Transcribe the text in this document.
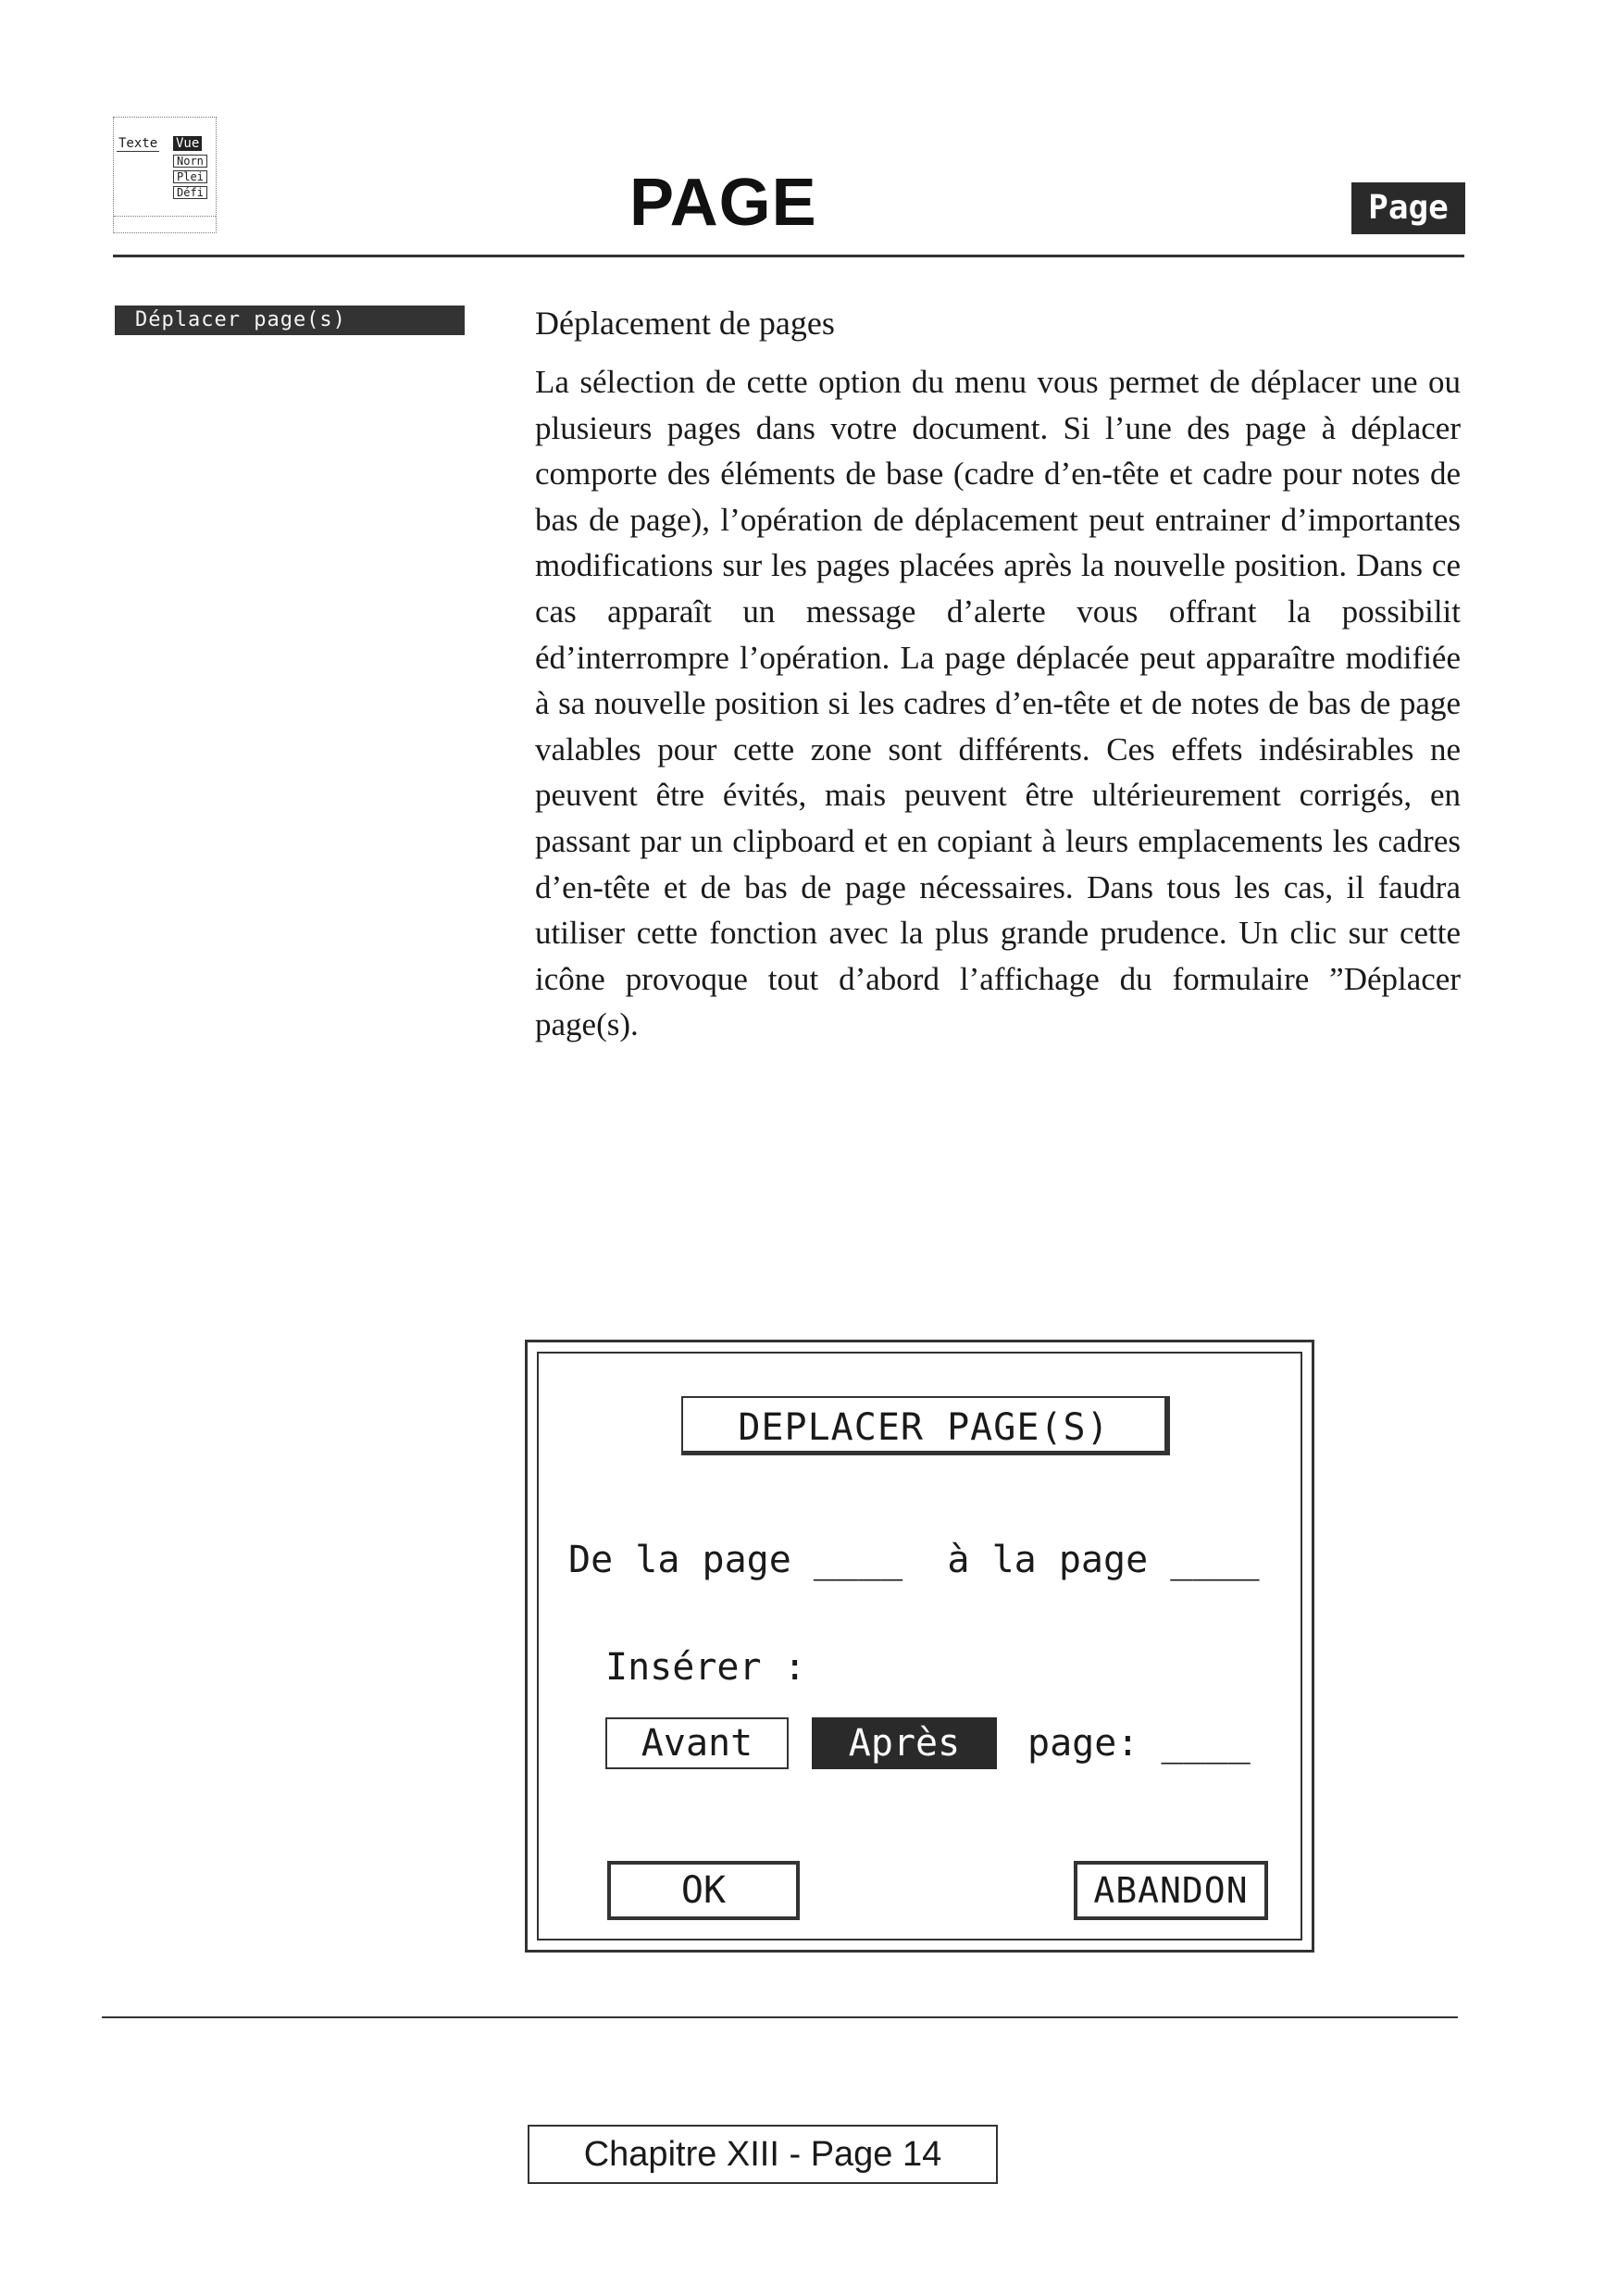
Texte Vue
Norn
Plei
Défi	PAGE	Page
Déplacer page(s)	Déplacement de pages

La sélection de cette option du menu vous permet de déplacer une ou plusieurs pages dans votre document. Si l’une des page à déplacer comporte des éléments de base (cadre d’en-tête et cadre pour notes de bas de page), l’opération de déplacement peut entrainer d’importantes modifications sur les pages placées après la nouvelle position. Dans ce cas apparaît un message d’alerte vous offrant la possibilit éd’interrompre l’opération. La page déplacée peut apparaître modifiée à sa nouvelle position si les cadres d’en-tête et de notes de bas de page valables pour cette zone sont différents. Ces effets indésirables ne peuvent être évités, mais peuvent être ultérieurement corrigés, en passant par un clipboard et en copiant à leurs emplacements les cadres d’en-tête et de bas de page nécessaires. Dans tous les cas, il faudra utiliser cette fonction avec la plus grande prudence. Un clic sur cette icône provoque tout d’abord l’affichage du formulaire ”Déplacer page(s).

DEPLACER PAGE(S)
De la page ____ à la page ____
Insérer :
Avant	Après	page: ____
OK	ABANDON
Chapitre XIII - Page 14
